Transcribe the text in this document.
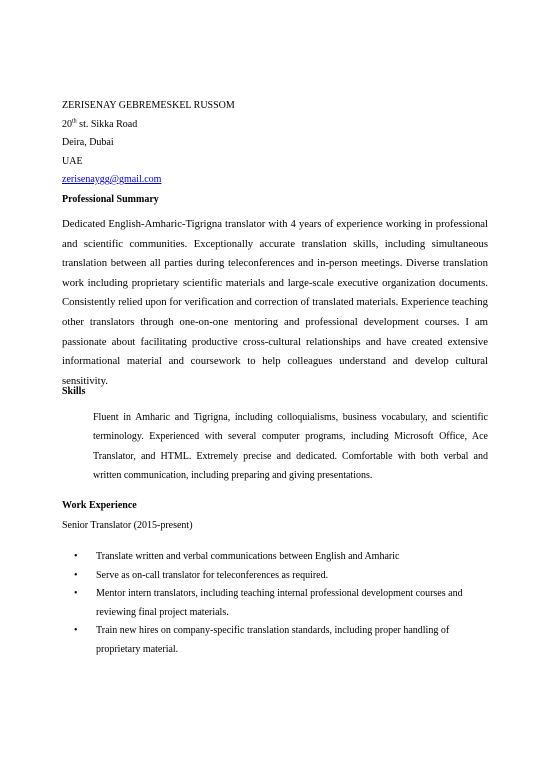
ZERISENAY GEBREMESKEL RUSSOM
20th st. Sikka Road
Deira, Dubai
UAE
zerisenaygg@gmail.com
Professional Summary

Dedicated English-Amharic-Tigrigna translator with 4 years of experience working in professional and scientific communities. Exceptionally accurate translation skills, including simultaneous translation between all parties during teleconferences and in-person meetings. Diverse translation work including proprietary scientific materials and large-scale executive organization documents. Consistently relied upon for verification and correction of translated materials. Experience teaching other translators through one-on-one mentoring and professional development courses. I am passionate about facilitating productive cross-cultural relationships and have created extensive informational material and coursework to help colleagues understand and develop cultural sensitivity.

Skills

Fluent in Amharic and Tigrigna, including colloquialisms, business vocabulary, and scientific terminology. Experienced with several computer programs, including Microsoft Office, Ace Translator, and HTML. Extremely precise and dedicated. Comfortable with both verbal and written communication, including preparing and giving presentations.

Work Experience
Senior Translator (2015-present)
• Translate written and verbal communications between English and Amharic
• Serve as on-call translator for teleconferences as required.
• Mentor intern translators, including teaching internal professional development courses and reviewing final project materials.
• Train new hires on company-specific translation standards, including proper handling of proprietary material.
